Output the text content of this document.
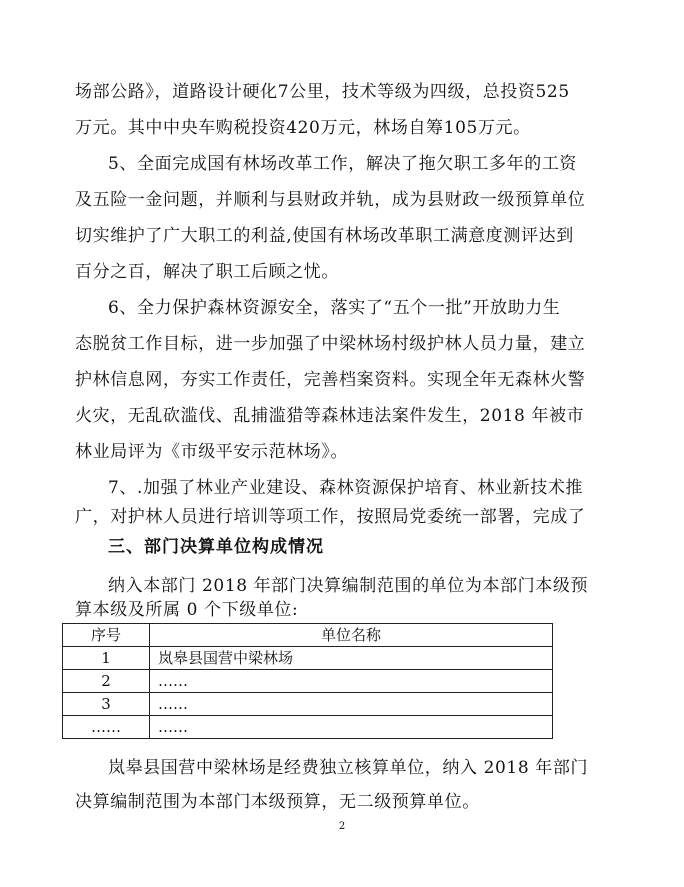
场部公路》，道路设计硬化7公里，技术等级为四级，总投资525
万元。其中中央车购税投资420万元，林场自筹105万元。
5、全面完成国有林场改革工作，解决了拖欠职工多年的工资
及五险一金问题，并顺利与县财政并轨，成为县财政一级预算单位
切实维护了广大职工的利益,使国有林场改革职工满意度测评达到
百分之百，解决了职工后顾之忧。
6、全力保护森林资源安全，落实了“五个一批”开放助力生
态脱贫工作目标，进一步加强了中梁林场村级护林人员力量，建立
护林信息网，夯实工作责任，完善档案资料。实现全年无森林火警
火灾，无乱砍滥伐、乱捕滥猎等森林违法案件发生，2018 年被市
林业局评为《市级平安示范林场》。
7、.加强了林业产业建设、森林资源保护培育、林业新技术推
广，对护林人员进行培训等项工作，按照局党委统一部署，完成了
三、部门决算单位构成情况
纳入本部门 2018 年部门决算编制范围的单位为本部门本级预
算本级及所属 0 个下级单位:
序号	单位名称
1	岚皋县国营中梁林场
2	……
3	……
……	……
岚皋县国营中梁林场是经费独立核算单位，纳入 2018 年部门
决算编制范围为本部门本级预算，无二级预算单位。
2
